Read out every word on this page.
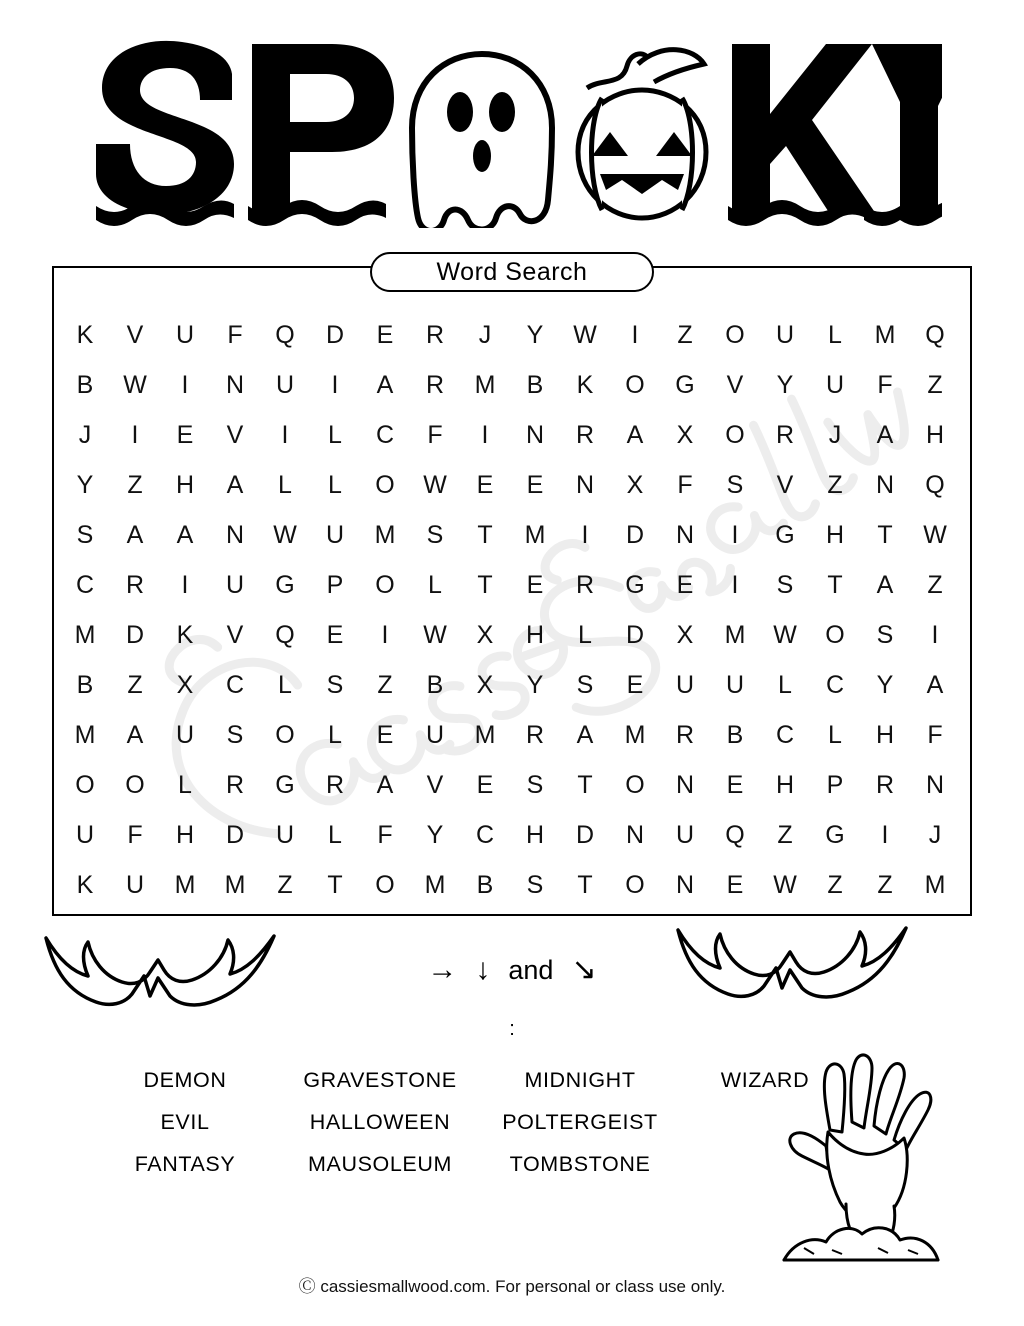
Word Search
K	V	U	F	Q	D	E	R	J	Y	W	I	Z	O	U	L	M	Q
B	W	I	N	U	I	A	R	M	B	K	O	G	V	Y	U	F	Z
J	I	E	V	I	L	C	F	I	N	R	A	X	O	R	J	A	H
Y	Z	H	A	L	L	O	W	E	E	N	X	F	S	V	Z	N	Q
S	A	A	N	W	U	M	S	T	M	I	D	N	I	G	H	T	W
C	R	I	U	G	P	O	L	T	E	R	G	E	I	S	T	A	Z
M	D	K	V	Q	E	I	W	X	H	L	D	X	M	W	O	S	I
B	Z	X	C	L	S	Z	B	X	Y	S	E	U	U	L	C	Y	A
M	A	U	S	O	L	E	U	M	R	A	M	R	B	C	L	H	F
O	O	L	R	G	R	A	V	E	S	T	O	N	E	H	P	R	N
U	F	H	D	U	L	F	Y	C	H	D	N	U	Q	Z	G	I	J
K	U	M	M	Z	T	O	M	B	S	T	O	N	E	W	Z	Z	M
→ ↓ and ↘
:
DEMON
EVIL
FANTASY
GRAVESTONE
HALLOWEEN
MAUSOLEUM
MIDNIGHT
POLTERGEIST
TOMBSTONE
WIZARD
Ⓒ cassiesmallwood.com. For personal or class use only.
